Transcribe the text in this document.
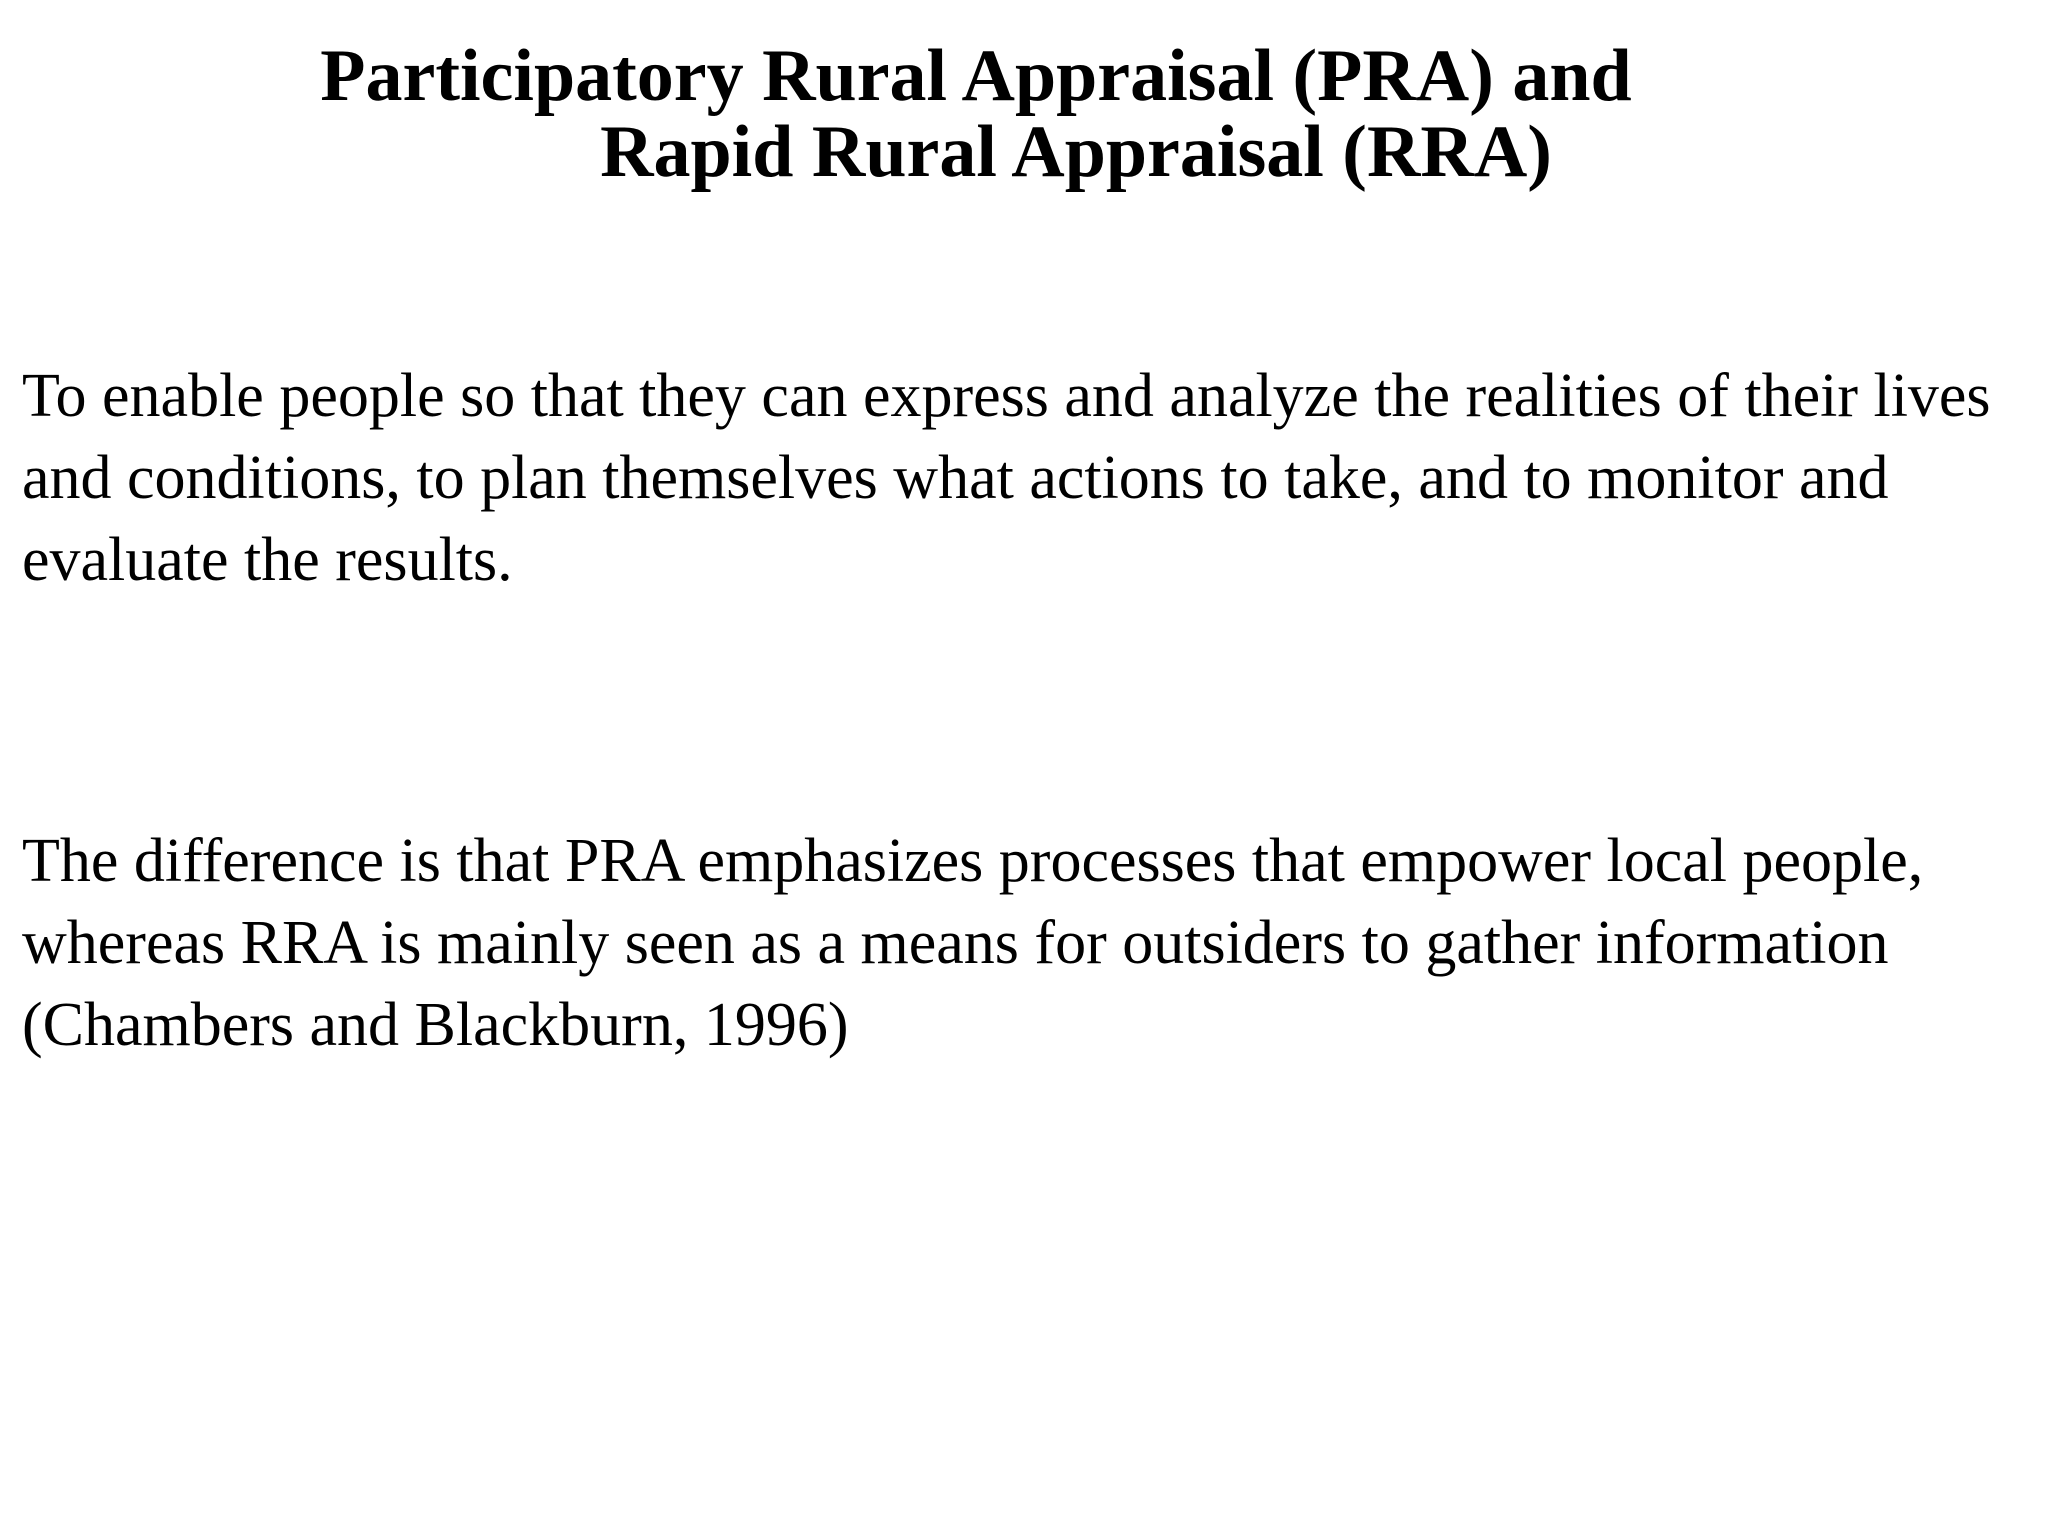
Participatory Rural Appraisal (PRA) and
Rapid Rural Appraisal (RRA)

To enable people so that they can express and analyze the realities of their lives and conditions, to plan themselves what actions to take, and to monitor and evaluate the results.

The difference is that PRA emphasizes processes that empower local people, whereas RRA is mainly seen as a means for outsiders to gather information (Chambers and Blackburn, 1996)
